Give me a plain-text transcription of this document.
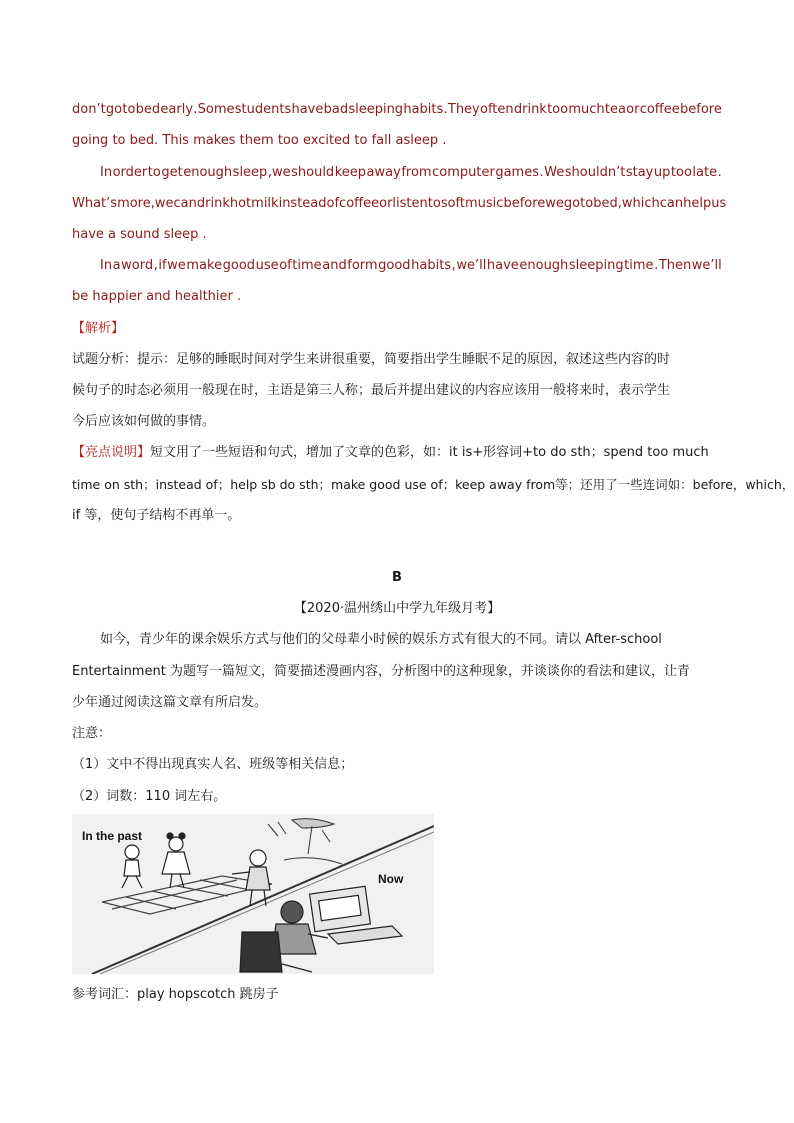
don’t go to bed early . Some students have bad sleeping habits . They often drink too much tea or coffee before
going to bed. This makes them too excited to fall asleep .
In order to get enough sleep ,we should keep away from computer games . We shouldn’t stay up too late .
What’s more ,we can drink hot milk instead of coffee or listen to soft music before we go to bed ,which can help us
have a sound sleep .
In a word , if we make good use of time and form good habits , we’ll have enough sleeping time . Then we’ll
be happier and healthier .
【解析】
试题分析：提示：足够的睡眠时间对学生来讲很重要，简要指出学生睡眠不足的原因，叙述这些内容的时
候句子的时态必须用一般现在时，主语是第三人称；最后并提出建议的内容应该用一般将来时，表示学生
今后应该如何做的事情。
【亮点说明】短文用了一些短语和句式，增加了文章的色彩，如：it is+形容词+to do sth；spend too much
time on sth；instead of；help sb do sth；make good use of；keep away from等；还用了一些连词如：before，which，
if 等，使句子结构不再单一。
B
【2020·温州绣山中学九年级月考】
如今，青少年的课余娱乐方式与他们的父母辈小时候的娱乐方式有很大的不同。请以 After-school
Entertainment 为题写一篇短文，简要描述漫画内容，分析图中的这种现象，并谈谈你的看法和建议，让青
少年通过阅读这篇文章有所启发。
注意：
（1）文中不得出现真实人名、班级等相关信息；
（2）词数：110 词左右。
In the past
Now
参考词汇：play hopscotch 跳房子
